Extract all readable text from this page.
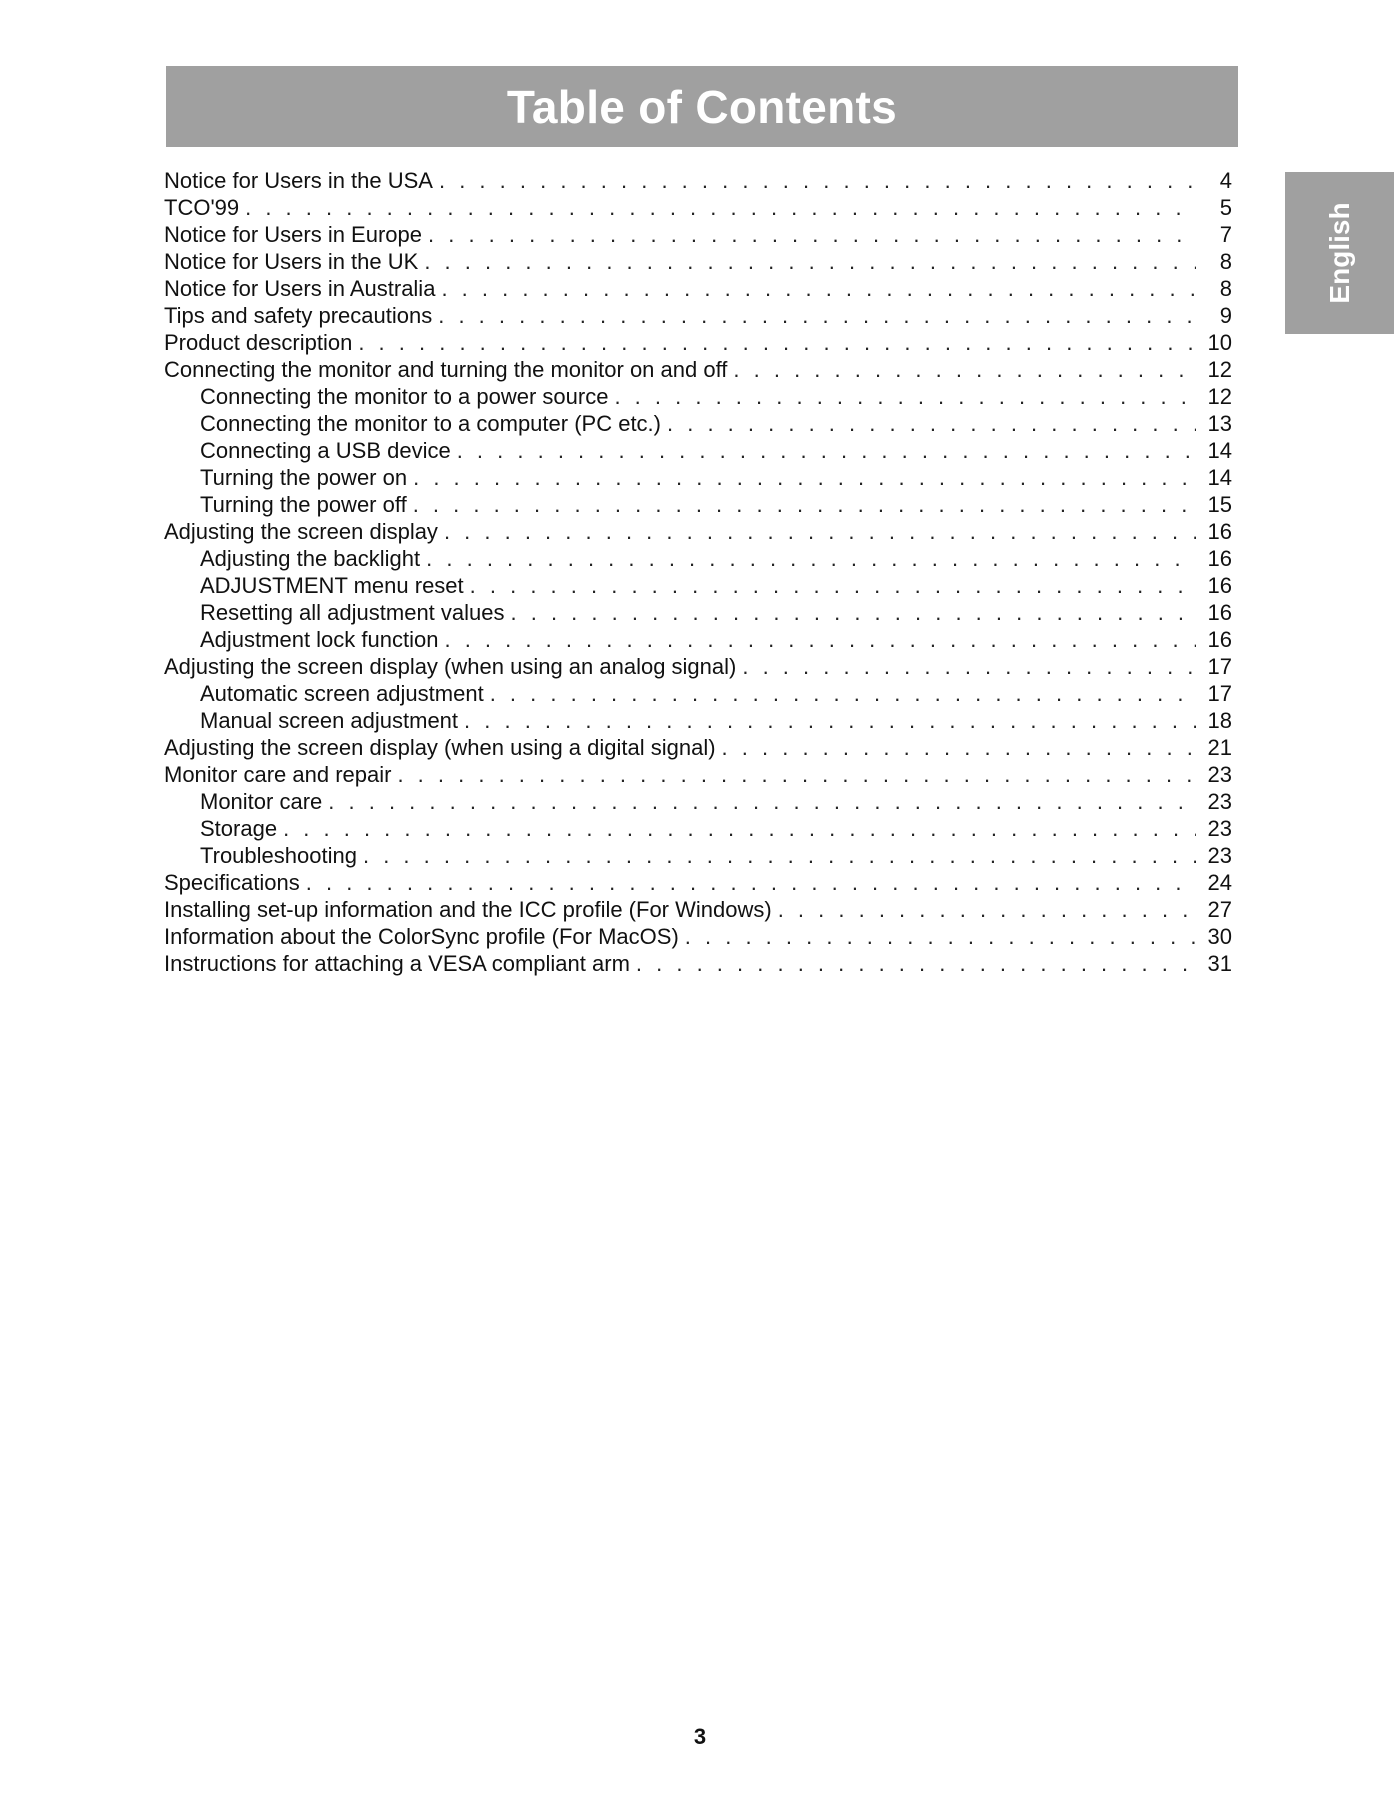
Table of Contents
English
Notice for Users in the USA . . .	4
TCO'99 . . .	5
Notice for Users in Europe . . .	7
Notice for Users in the UK . . .	8
Notice for Users in Australia . . .	8
Tips and safety precautions . . .	9
Product description . . .	10
Connecting the monitor and turning the monitor on and off . . .	12
Connecting the monitor to a power source . . .	12
Connecting the monitor to a computer (PC etc.) . . .	13
Connecting a USB device . . .	14
Turning the power on . . .	14
Turning the power off . . .	15
Adjusting the screen display . . .	16
Adjusting the backlight . . .	16
ADJUSTMENT menu reset . . .	16
Resetting all adjustment values . . .	16
Adjustment lock function . . .	16
Adjusting the screen display (when using an analog signal) . . .	17
Automatic screen adjustment . . .	17
Manual screen adjustment . . .	18
Adjusting the screen display (when using a digital signal) . . .	21
Monitor care and repair . . .	23
Monitor care . . .	23
Storage . . .	23
Troubleshooting . . .	23
Specifications . . .	24
Installing set-up information and the ICC profile (For Windows) . . .	27
Information about the ColorSync profile (For MacOS) . . .	30
Instructions for attaching a VESA compliant arm . . .	31
3
